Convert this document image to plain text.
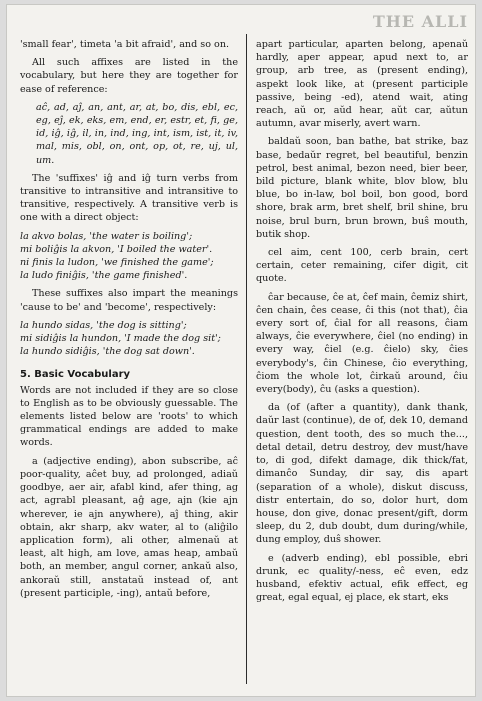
THE ALLI

'small fear', timeta 'a bit afraid', and so on.

All such affixes are listed in the vocabulary, but here they are together for ease of reference:

aĉ, ad, aĵ, an, ant, ar, at, bo, dis, ebl, ec, eg, eĵ, ek, eks, em, end, er, estr, et, fi, ge, id, iĝ, iĝ, il, in, ind, ing, int, ism, ist, it, iv, mal, mis, obl, on, ont, op, ot, re, uj, ul, um.

The 'suffixes' iĝ and iĝ turn verbs from transitive to intransitive and intransitive to transitive, respectively. A transitive verb is one with a direct object:

la akvo bolas, 'the water is boiling';
mi boliĝis la akvon, 'I boiled the water'.
ni finis la ludon, 'we finished the game';
la ludo finiĝis, 'the game finished'.

These suffixes also impart the meanings 'cause to be' and 'become', respectively:

la hundo sidas, 'the dog is sitting';
mi sidiĝis la hundon, 'I made the dog sit';
la hundo sidiĝis, 'the dog sat down'.
5. Basic Vocabulary

Words are not included if they are so close to English as to be obviously guessable. The elements listed below are 'roots' to which grammatical endings are added to make words.

a (adjective ending), abon subscribe, aĉ poor-quality, aĉet buy, ad prolonged, adiaŭ goodbye, aer air, afabl kind, afer thing, ag act, agrabl pleasant, aĝ age, ajn (kie ajn wherever, ie ajn anywhere), aĵ thing, akir obtain, akr sharp, akv water, al to (aliĝilo application form), ali other, almenaŭ at least, alt high, am love, amas heap, ambaŭ both, an member, angul corner, ankaŭ also, ankoraŭ still, anstataŭ instead of, ant (present participle, -ing), antaŭ before,

apart particular, aparten belong, apenaŭ hardly, aper appear, apud next to, ar group, arb tree, as (present ending), aspekt look like, at (present participle passive, being -ed), atend wait, ating reach, aŭ or, aŭd hear, aŭt car, aŭtun autumn, avar miserly, avert warn.

baldaŭ soon, ban bathe, bat strike, baz base, bedaŭr regret, bel beautiful, benzin petrol, best animal, bezon need, bier beer, bild picture, blank white, blov blow, blu blue, bo in-law, bol boil, bon good, bord shore, brak arm, bret shelf, bril shine, bru noise, brul burn, brun brown, buŝ mouth, butik shop.

cel aim, cent 100, cerb brain, cert certain, ceter remaining, cifer digit, cit quote.

ĉar because, ĉe at, ĉef main, ĉemiz shirt, ĉen chain, ĉes cease, ĉi this (not that), ĉia every sort of, ĉial for all reasons, ĉiam always, ĉie everywhere, ĉiel (no ending) in every way, ĉiel (e.g. ĉielo) sky, ĉies everybody's, ĉin Chinese, ĉio everything, ĉiom the whole lot, ĉirkaŭ around, ĉiu every(body), ĉu (asks a question).

da (of (after a quantity), dank thank, daŭr last (continue), de of, dek 10, demand question, dent tooth, des so much the..., detal detail, detru destroy, dev must/have to, di god, difekt damage, dik thick/fat, dimanĉo Sunday, dir say, dis apart (separation of a whole), diskut discuss, distr entertain, do so, dolor hurt, dom house, don give, donac present/gift, dorm sleep, du 2, dub doubt, dum during/while, dung employ, duŝ shower.

e (adverb ending), ebl possible, ebri drunk, ec quality/-ness, eĉ even, edz husband, efektiv actual, efik effect, eg great, egal equal, ej place, ek start, eks
